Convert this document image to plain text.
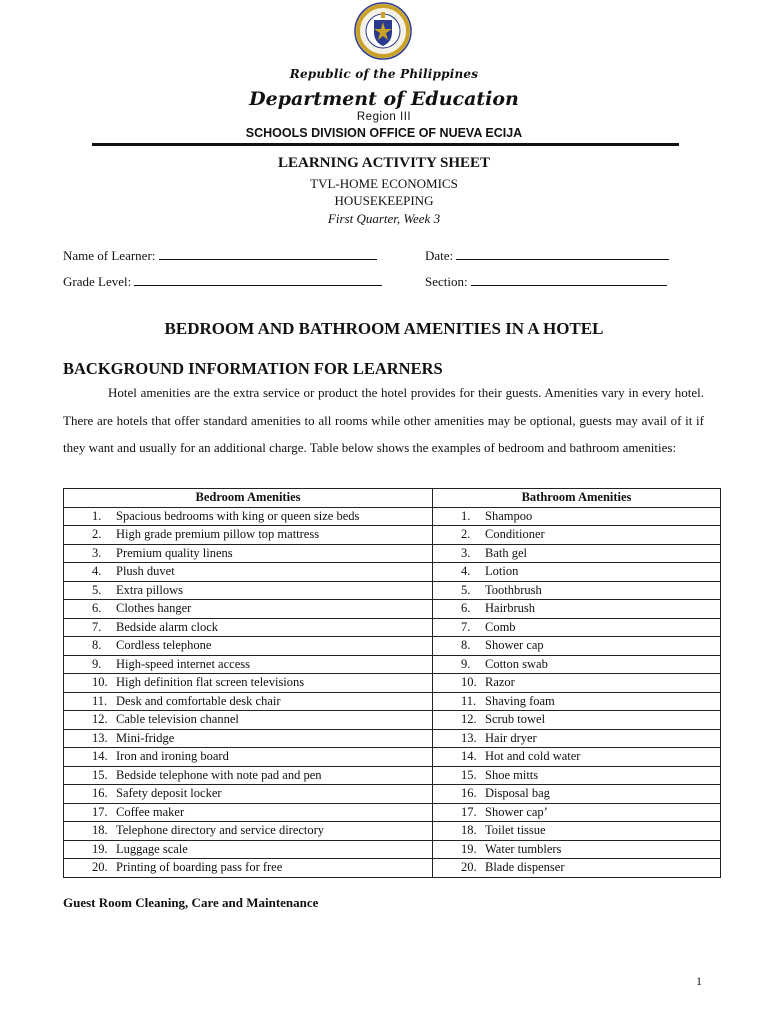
Republic of the Philippines
Department of Education
Region III
SCHOOLS DIVISION OFFICE OF NUEVA ECIJA
LEARNING ACTIVITY SHEET
TVL-HOME ECONOMICS
HOUSEKEEPING
First Quarter, Week 3
Name of Learner:	Date:
Grade Level:	Section:
BEDROOM AND BATHROOM AMENITIES IN A HOTEL
BACKGROUND INFORMATION FOR LEARNERS
Hotel amenities are the extra service or product the hotel provides for their guests. Amenities vary in every hotel. There are hotels that offer standard amenities to all rooms while other amenities may be optional, guests may avail of it if they want and usually for an additional charge. Table below shows the examples of bedroom and bathroom amenities:
Bedroom Amenities	Bathroom Amenities
1. Spacious bedrooms with king or queen size beds	1. Shampoo
2. High grade premium pillow top mattress	2. Conditioner
3. Premium quality linens	3. Bath gel
4. Plush duvet	4. Lotion
5. Extra pillows	5. Toothbrush
6. Clothes hanger	6. Hairbrush
7. Bedside alarm clock	7. Comb
8. Cordless telephone	8. Shower cap
9. High-speed internet access	9. Cotton swab
10. High definition flat screen televisions	10. Razor
11. Desk and comfortable desk chair	11. Shaving foam
12. Cable television channel	12. Scrub towel
13. Mini-fridge	13. Hair dryer
14. Iron and ironing board	14. Hot and cold water
15. Bedside telephone with note pad and pen	15. Shoe mitts
16. Safety deposit locker	16. Disposal bag
17. Coffee maker	17. Shower cap’
18. Telephone directory and service directory	18. Toilet tissue
19. Luggage scale	19. Water tumblers
20. Printing of boarding pass for free	20. Blade dispenser
Guest Room Cleaning, Care and Maintenance
1
